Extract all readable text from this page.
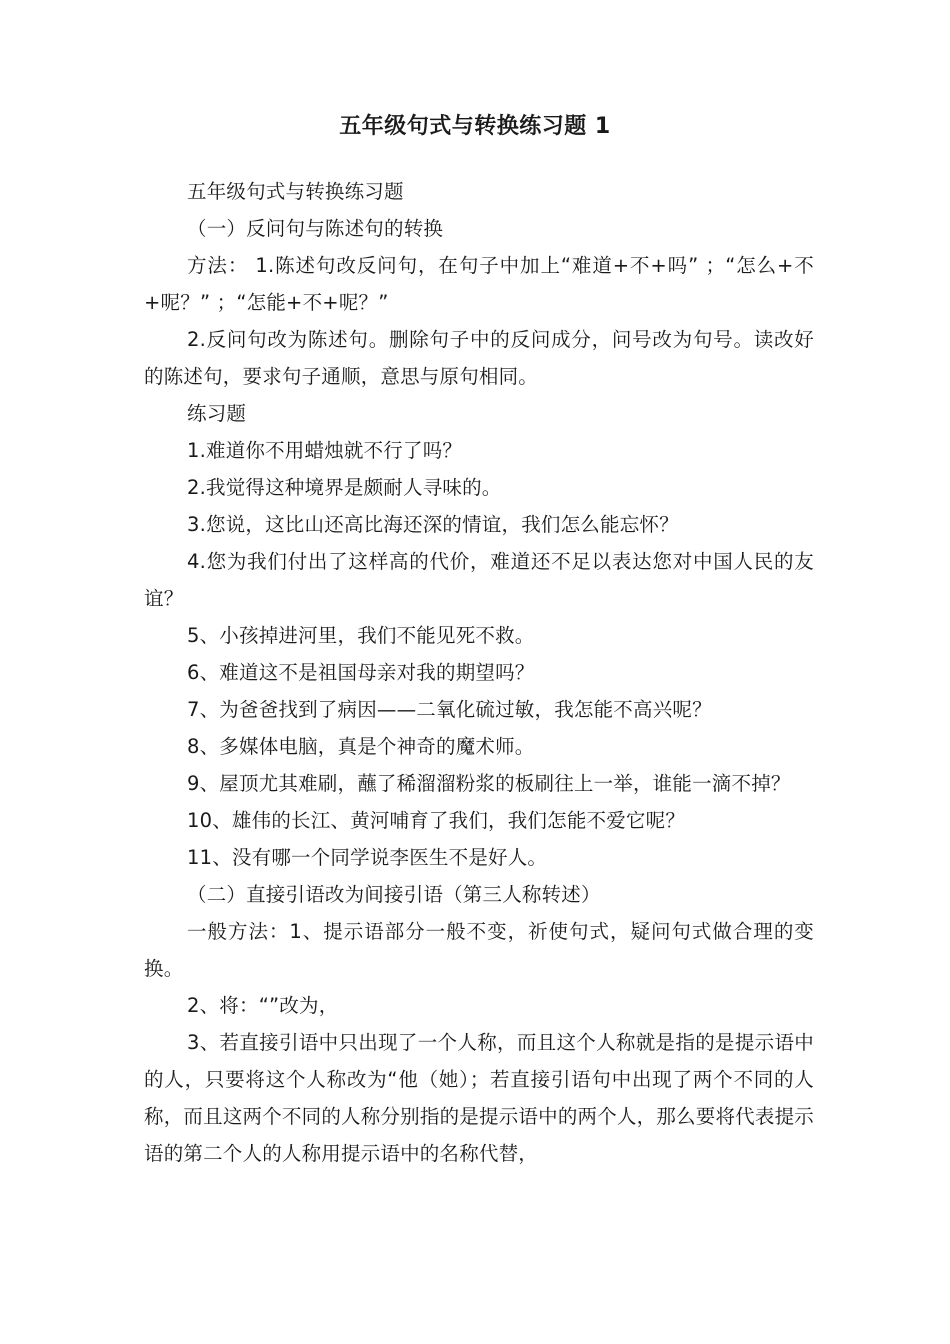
五年级句式与转换练习题 1

五年级句式与转换练习题

（一）反问句与陈述句的转换

方法： 1.陈述句改反问句，在句子中加上“难道+不+吗” ；“怎么+不+呢？” ；“怎能+不+呢？”

2.反问句改为陈述句。删除句子中的反问成分，问号改为句号。读改好的陈述句，要求句子通顺，意思与原句相同。

练习题

1.难道你不用蜡烛就不行了吗？

2.我觉得这种境界是颇耐人寻味的。

3.您说，这比山还高比海还深的情谊，我们怎么能忘怀？

4.您为我们付出了这样高的代价，难道还不足以表达您对中国人民的友谊？

5、小孩掉进河里，我们不能见死不救。

6、难道这不是祖国母亲对我的期望吗？

7、为爸爸找到了病因——二氧化硫过敏，我怎能不高兴呢？

8、多媒体电脑，真是个神奇的魔术师。

9、屋顶尤其难刷，蘸了稀溜溜粉浆的板刷往上一举，谁能一滴不掉？

10、雄伟的长江、黄河哺育了我们，我们怎能不爱它呢？

11、没有哪一个同学说李医生不是好人。

（二）直接引语改为间接引语（第三人称转述）

一般方法：1、提示语部分一般不变，祈使句式，疑问句式做合理的变换。

2、将：“”改为，

3、若直接引语中只出现了一个人称，而且这个人称就是指的是提示语中的人，只要将这个人称改为“他（她）；若直接引语句中出现了两个不同的人称，而且这两个不同的人称分别指的是提示语中的两个人，那么要将代表提示语的第二个人的人称用提示语中的名称代替，
